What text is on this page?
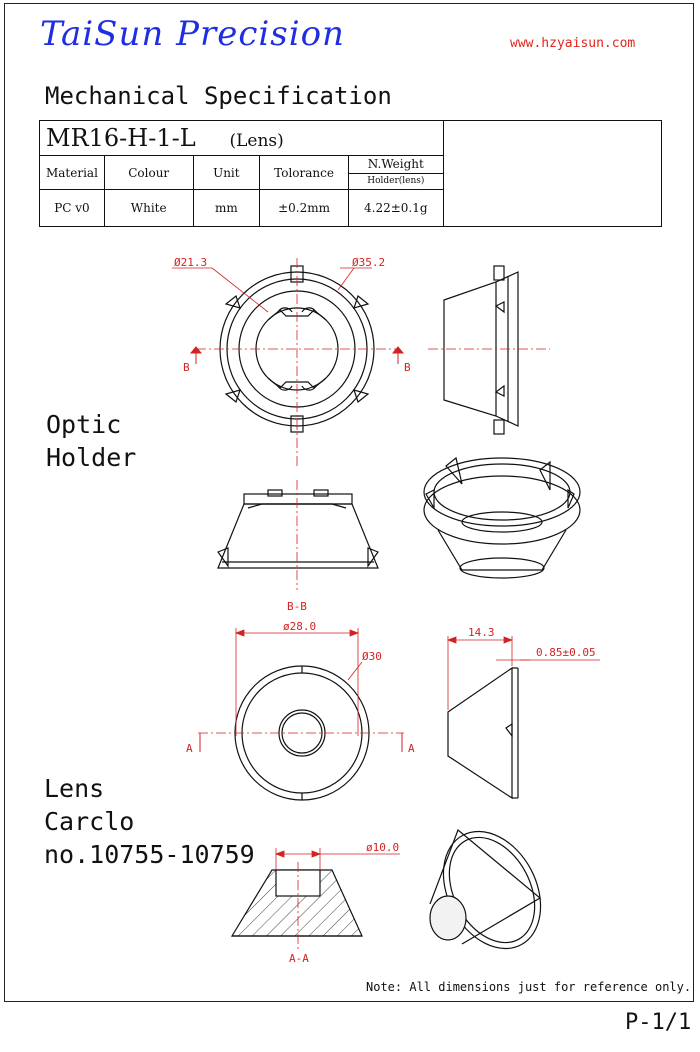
TaiSun Precision	www.hzyaisun.com
Mechanical Specification
MR16-H-1-L (Lens)					
Material	Colour	Unit	Tolorance	N.Weight
Holder(lens)	

PC v0	White	mm	±0.2mm	4.22±0.1g	
Optic
Holder
Lens
Carclo
no.10755-10759
B	B
Ø21.3	Ø35.2
B-B
A	A
ø28.0
Ø30
14.3
0.85±0.05
ø10.0
A-A
Note: All dimensions just for reference only.
P-1/1
